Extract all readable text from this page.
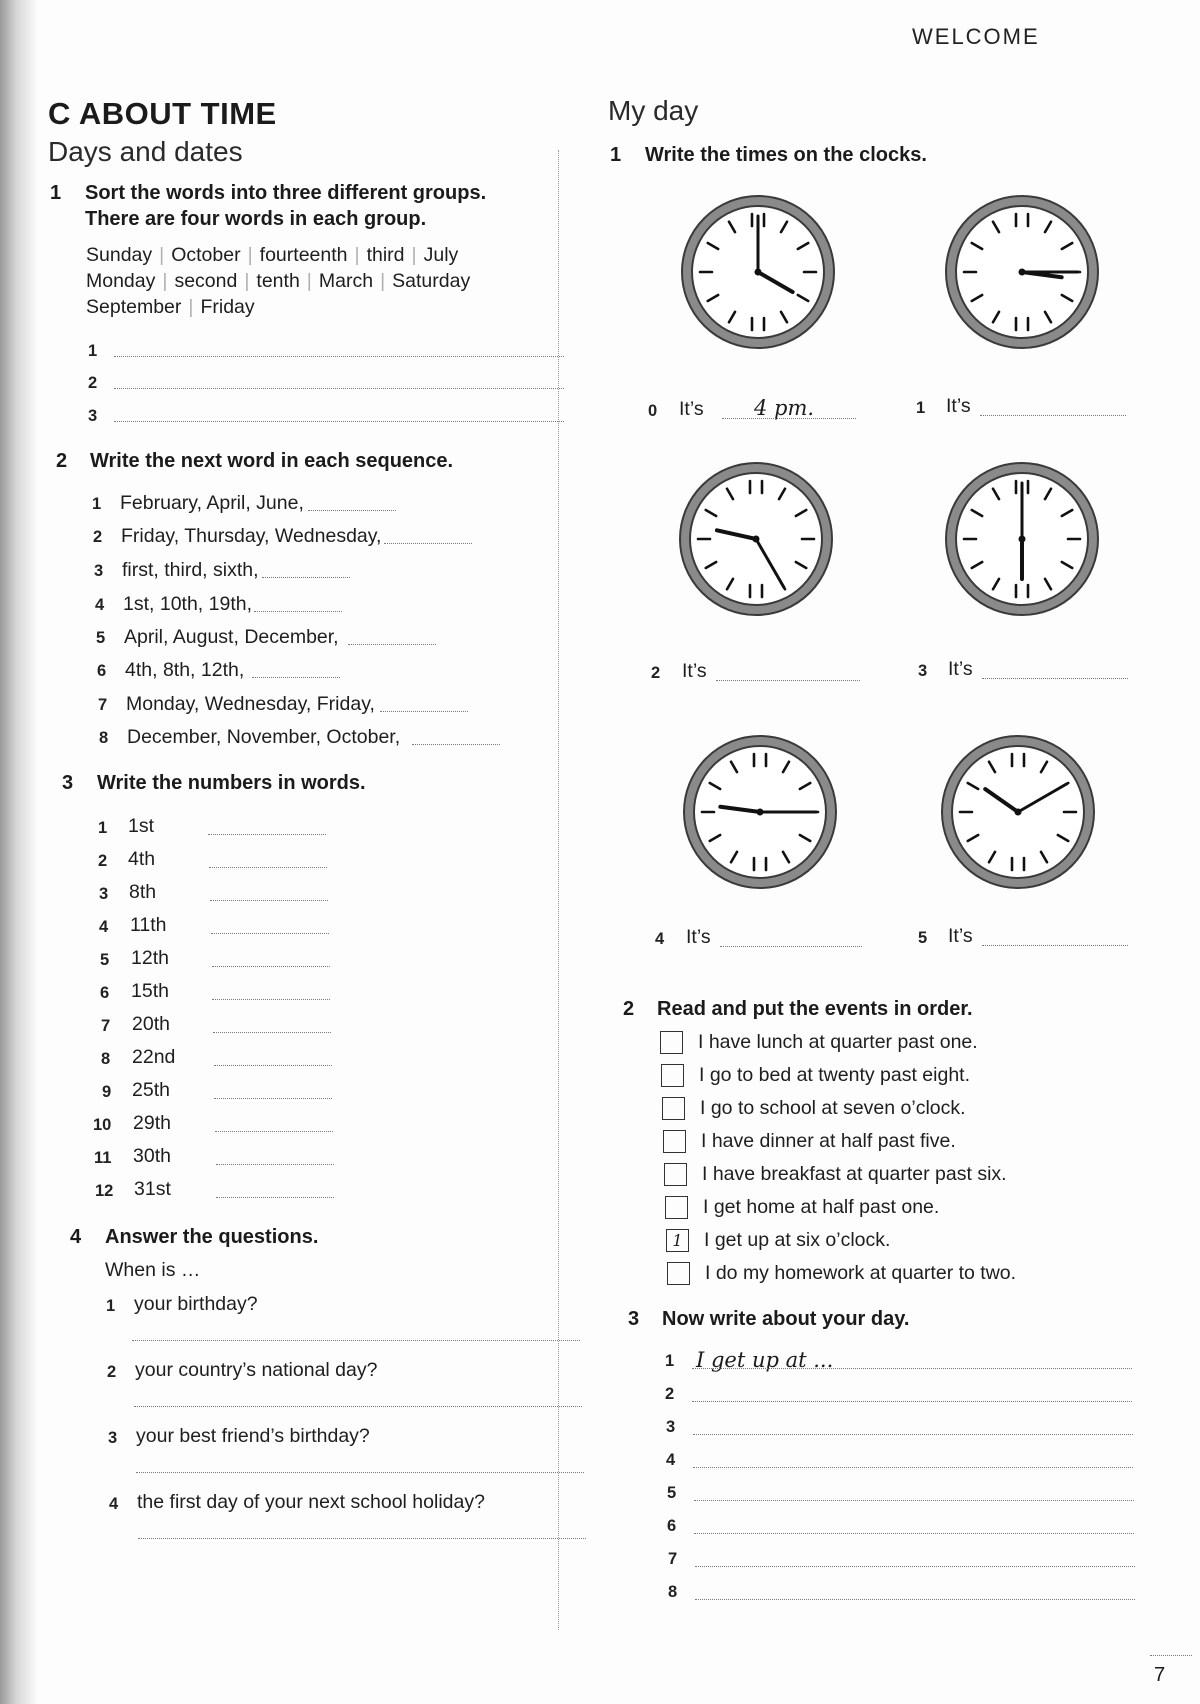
WELCOME
C ABOUT TIME
Days and dates
1 Sort the words into three different groups.
There are four words in each group.
Sunday | October | fourteenth | third | July
Monday | second | tenth | March | Saturday
September | Friday
1
2
3
2 Write the next word in each sequence.
1 February, April, June,
2 Friday, Thursday, Wednesday,
3 first, third, sixth,
4 1st, 10th, 19th,
5 April, August, December,
6 4th, 8th, 12th,
7 Monday, Wednesday, Friday,
8 December, November, October,
3 Write the numbers in words.
1 1st
2 4th
3 8th
4 11th
5 12th
6 15th
7 20th
8 22nd
9 25th
10 29th
11 30th
12 31st
4 Answer the questions.
When is …
1 your birthday?
2 your country’s national day?
3 your best friend’s birthday?
4 the first day of your next school holiday?
My day
1 Write the times on the clocks.
0 It’s 4 pm.	1 It’s
2 It’s	3 It’s
4 It’s	5 It’s
2 Read and put the events in order.
I have lunch at quarter past one.
I go to bed at twenty past eight.
I go to school at seven o’clock.
I have dinner at half past five.
I have breakfast at quarter past six.
I get home at half past one.
1	I get up at six o’clock.
I do my homework at quarter to two.
3 Now write about your day.
1 I get up at ...
2
3
4
5
6
7
8
7
